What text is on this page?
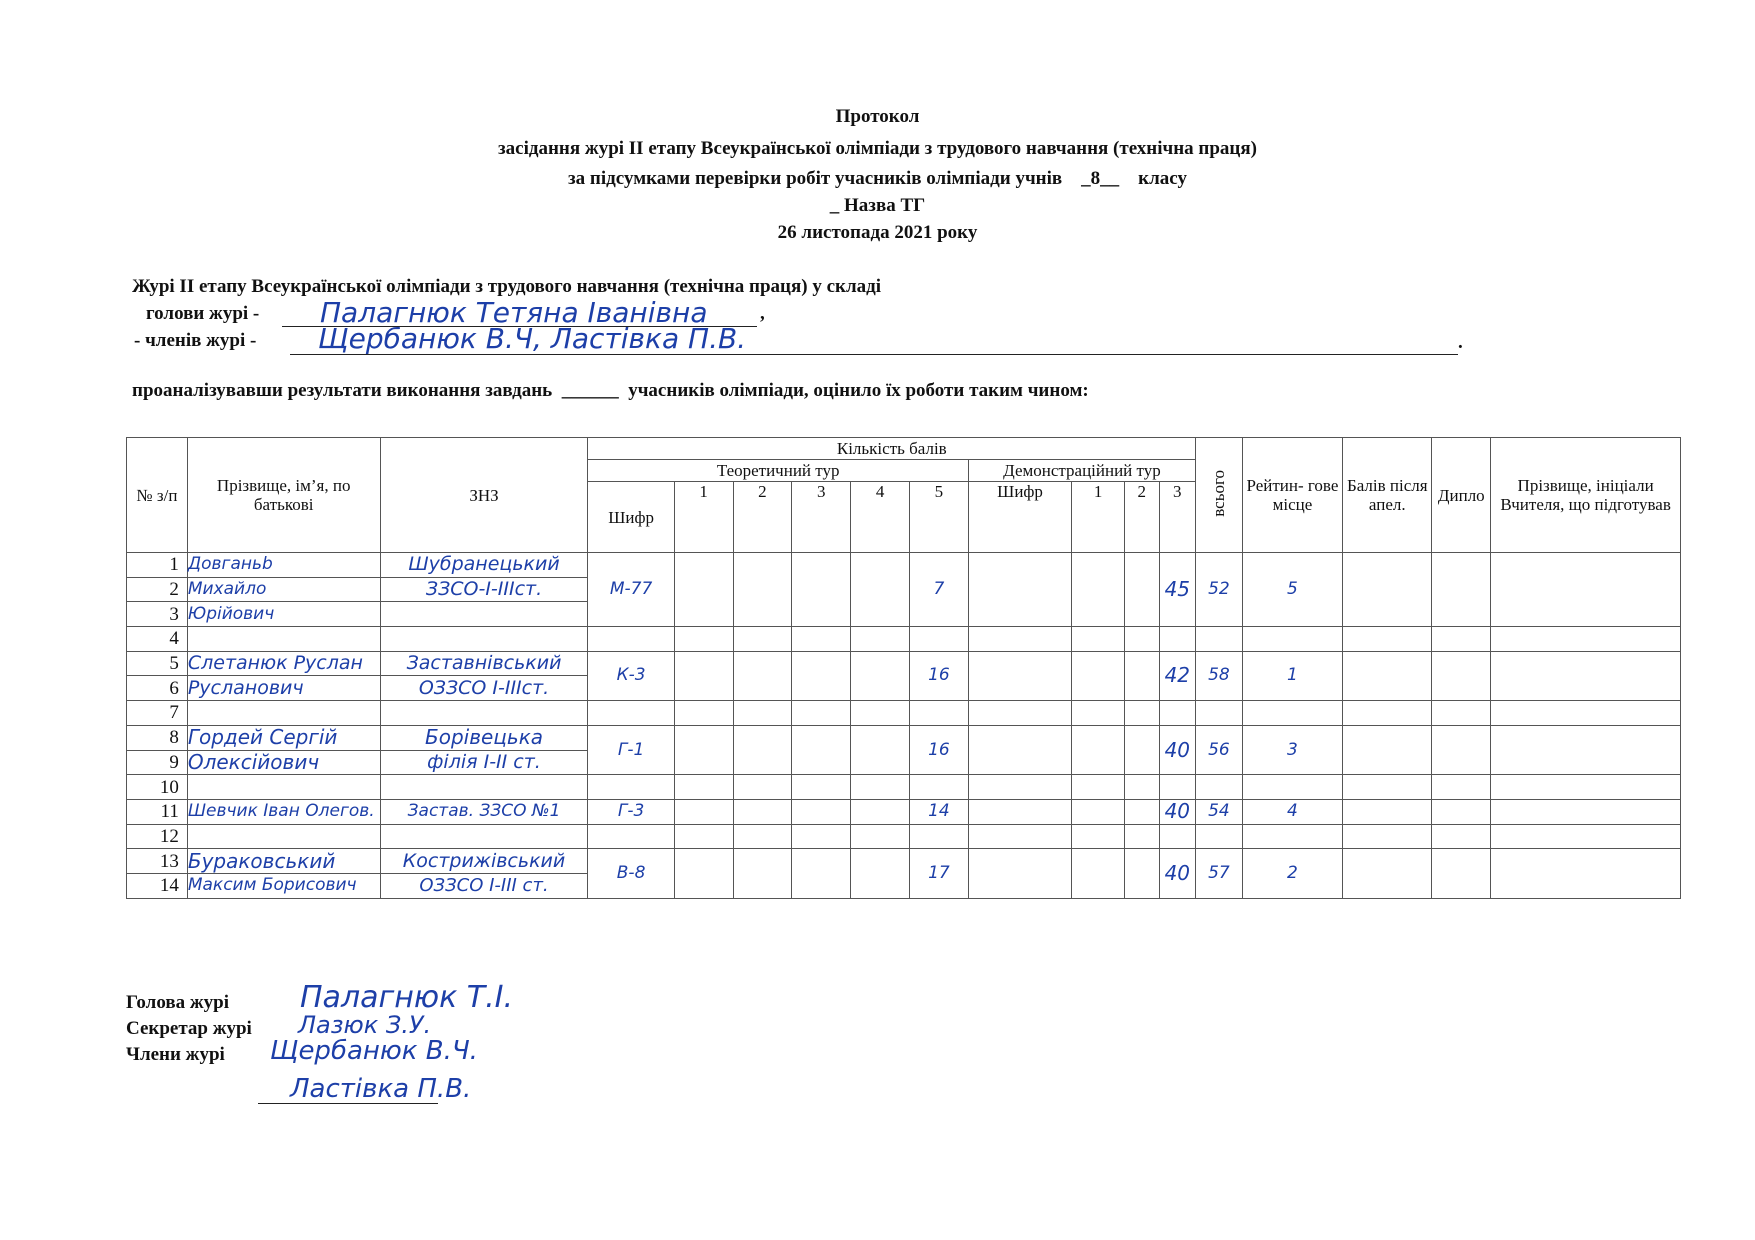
Протокол
засідання журі ІІ етапу Всеукраїнської олімпіади з трудового навчання (технічна праця)
за підсумками перевірки робіт учасників олімпіади учнів _8__ класу
_ Назва ТГ
26 листопада 2021 року
Журі ІІ етапу Всеукраїнської олімпіади з трудового навчання (технічна праця) у складі
голови журі - Палагнюк Тетяна Іванівна	,
- членів журі - Щербанюк В.Ч, Ластівка П.В.	.
проаналізувавши результати виконання завдань ______ учасників олімпіади, оцінило їх роботи таким чином:
№ з/п	Прізвище, ім’я, по батькові	ЗНЗ	Кількість балів										всього	Рейтин- гове місце	Балів після апел.	Дипло	Прізвище, ініціали Вчителя, що підготував
			Теоретичний тур						Демонстраційний тур								
			Шифр	1	2	3	4	5	Шифр	1	2	3					
1	Довганьb	Шубранецький	М-77					7				45	52	5			
2	Михайло	ЗЗСО-І-ІІІст.															
3	Юрійович																
4																	
5	Слетанюк Руслан	Заставнівський	К-3					16				42	58	1			
6	Русланович	ОЗЗСО І-ІІІст.															
7																	
8	Гордей Сергій	Борівецька	Г-1					16				40	56	3			
9	Олексійович	філія І-ІІ ст.															
10																	
11	Шевчик Іван Олегов.	Застав. ЗЗСО №1	Г-3					14				40	54	4			
12																	
13	Бураковський	Кострижівський	В-8					17				40	57	2			
14	Максим Борисович	ОЗЗСО І-ІІІ ст.															
Голова журі Палагнюк Т.І.
Секретар журі Лазюк З.У.
Члени журі Щербанюк В.Ч.
Ластівка П.В.
